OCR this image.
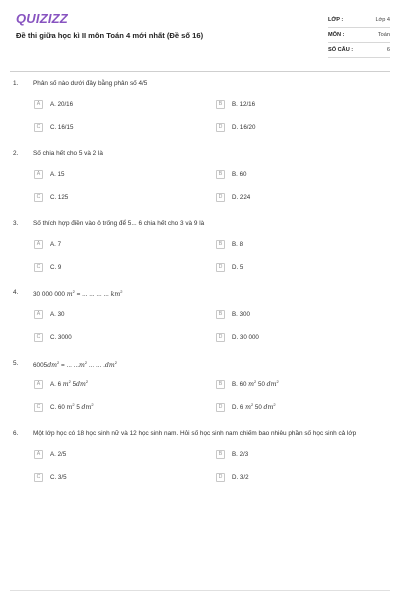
QUIZIZZ
Đề thi giữa học kì II môn Toán 4 mới nhất (Đề số 16)
LỚP :	Lớp 4
MÔN :	Toán
SỐ CÂU :	6
1. Phân số nào dưới đây bằng phân số 4/5
A	A. 20/16	B	B. 12/16
C	C. 16/15	D	D. 16/20
2. Số chia hết cho 5 và 2 là
A	A. 15	B	B. 60
C	C. 125	D	D. 224
3. Số thích hợp điền vào ô trống để 5... 6 chia hết cho 3 và 9 là
A	A. 7	B	B. 8
C	C. 9	D	D. 5
4. 30 000 000 $m^2$ = ... ... ... ... $km^2$
A	A. 30	B	B. 300
C	C. 3000	D	D. 30 000
5. $6005dm^2$ = ... $...m^2$ ... ... $.dm^2$
A	A. 6 $m^2$ $5dm^2$	B	B. 60 $m^2$ 50 $dm^2$
C	C. 60 $m^2$ 5 $dm^2$	D	D. 6 $m^2$ 50 $dm^2$
6. Một lớp học có 18 học sinh nữ và 12 học sinh nam. Hỏi số học sinh nam chiếm bao nhiêu phần số học sinh cả lớp
A	A. 2/5	B	B. 2/3
C	C. 3/5	D	D. 3/2
